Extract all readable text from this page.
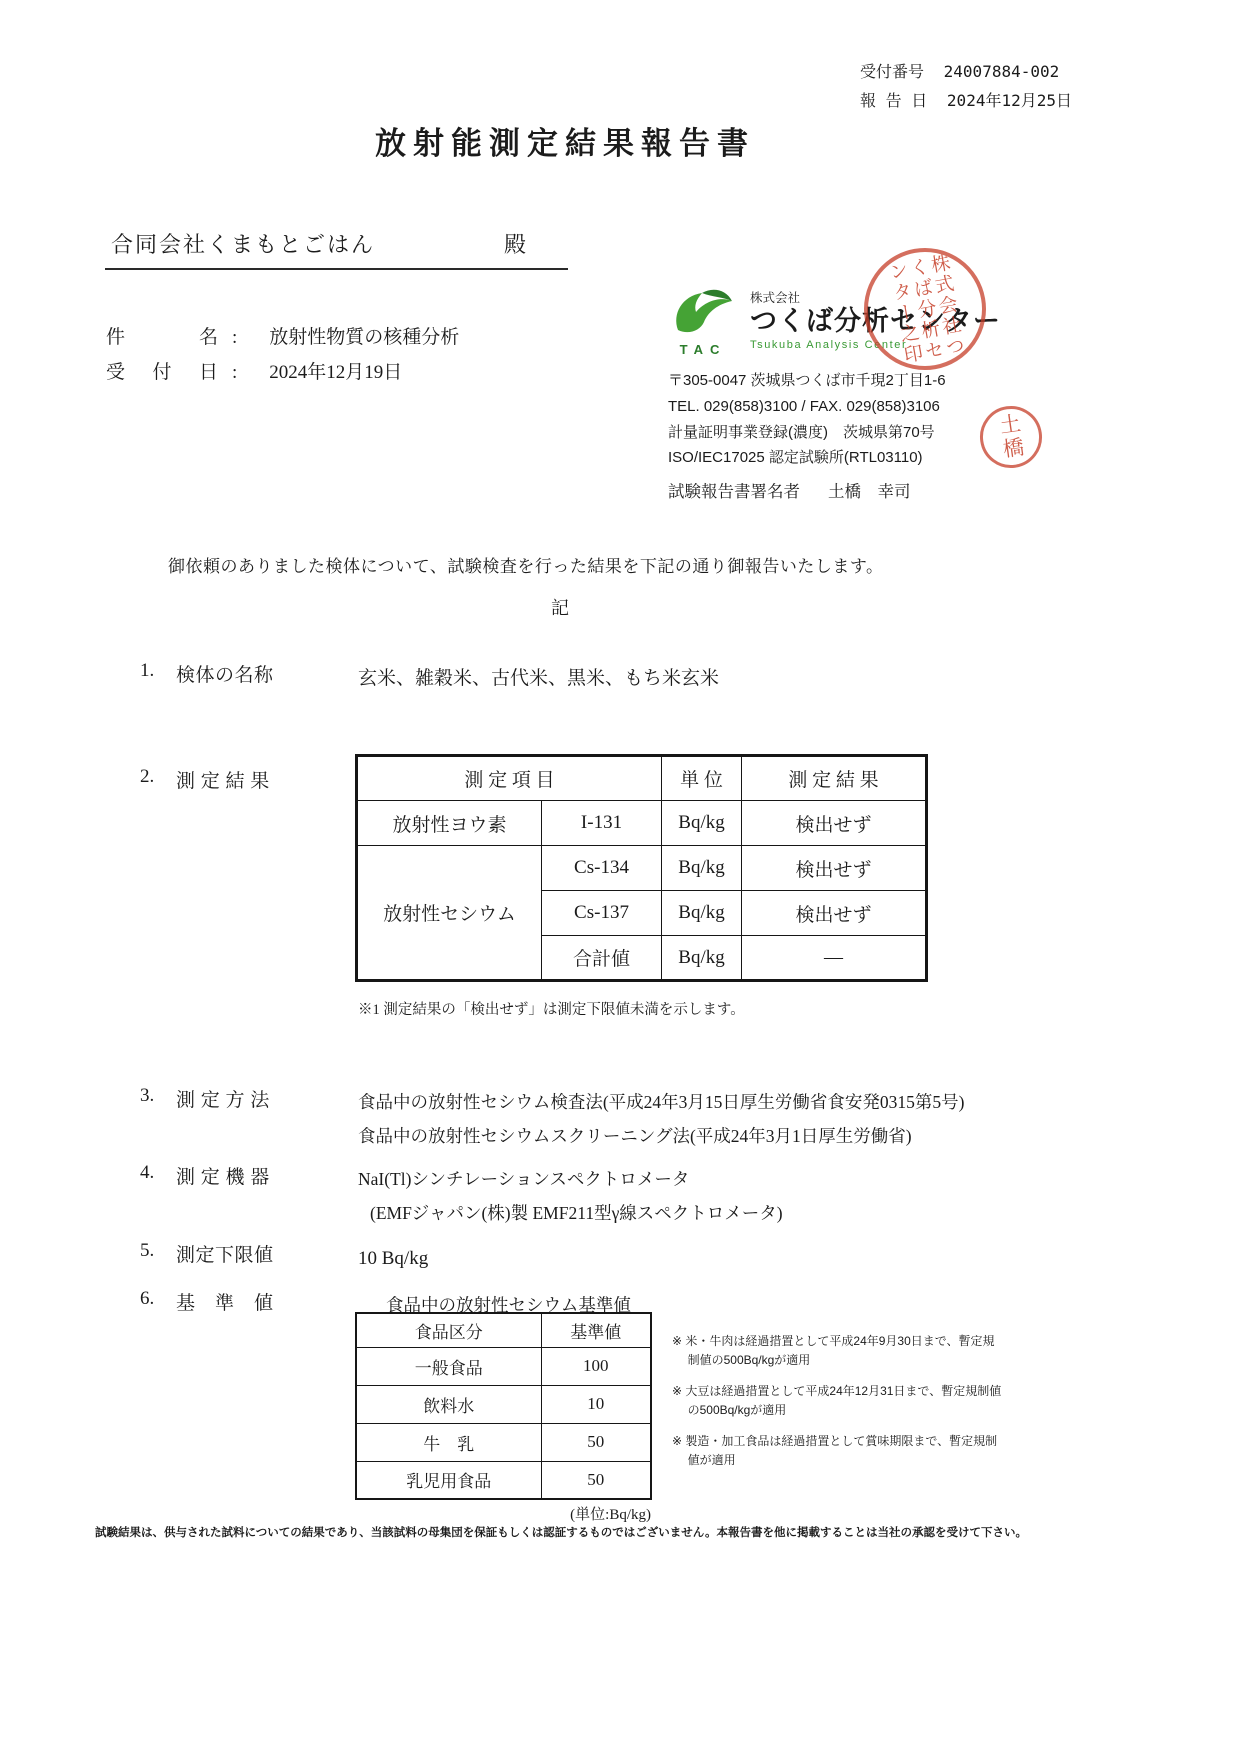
受付番号 24007884-002
報 告 日 2024年12月25日
放射能測定結果報告書
合同会社くまもとごはん	殿
件　　名 : 放射性物質の核種分析
受 付 日 : 2024年12月19日
TAC
株式会社
つくば分析センター
Tsukuba Analysis Center
〒305-0047 茨城県つくば市千現2丁目1-6
TEL. 029(858)3100 / FAX. 029(858)3106
計量証明事業登録(濃度)　茨城県第70号
ISO/IEC17025 認定試験所(RTL03110)
試験報告書署名者 土橋　幸司
株式会社つくば分析センター之印
土橋

御依頼のありました検体について、試験検査を行った結果を下記の通り御報告いたします。

記
1.	検体の名称	玄米、雑穀米、古代米、黒米、もち米玄米
2.	測 定 結 果	測 定 項 目		単 位	測 定 結 果
放射性ヨウ素	I-131	Bq/kg	検出せず
放射性セシウム	Cs-134	Bq/kg	検出せず
	Cs-137	Bq/kg	検出せず
	合計値	Bq/kg	―
※1 測定結果の「検出せず」は測定下限値未満を示します。
3.	測 定 方 法	食品中の放射性セシウム検査法(平成24年3月15日厚生労働省食安発0315第5号)
食品中の放射性セシウムスクリーニング法(平成24年3月1日厚生労働省)
4.	測 定 機 器	NaI(Tl)シンチレーションスペクトロメータ
(EMFジャパン(株)製 EMF211型γ線スペクトロメータ)
5.	測定下限値	10 Bq/kg
6.	基　準　値	食品中の放射性セシウム基準値
食品区分	基準値
一般食品	100
飲料水	10
牛　乳	50
乳児用食品	50
(単位:Bq/kg)
※ 米・牛肉は経過措置として平成24年9月30日まで、暫定規制値の500Bq/kgが適用
※ 大豆は経過措置として平成24年12月31日まで、暫定規制値の500Bq/kgが適用
※ 製造・加工食品は経過措置として賞味期限まで、暫定規制値が適用
試験結果は、供与された試料についての結果であり、当該試料の母集団を保証もしくは認証するものではございません。本報告書を他に掲載することは当社の承認を受けて下さい。
